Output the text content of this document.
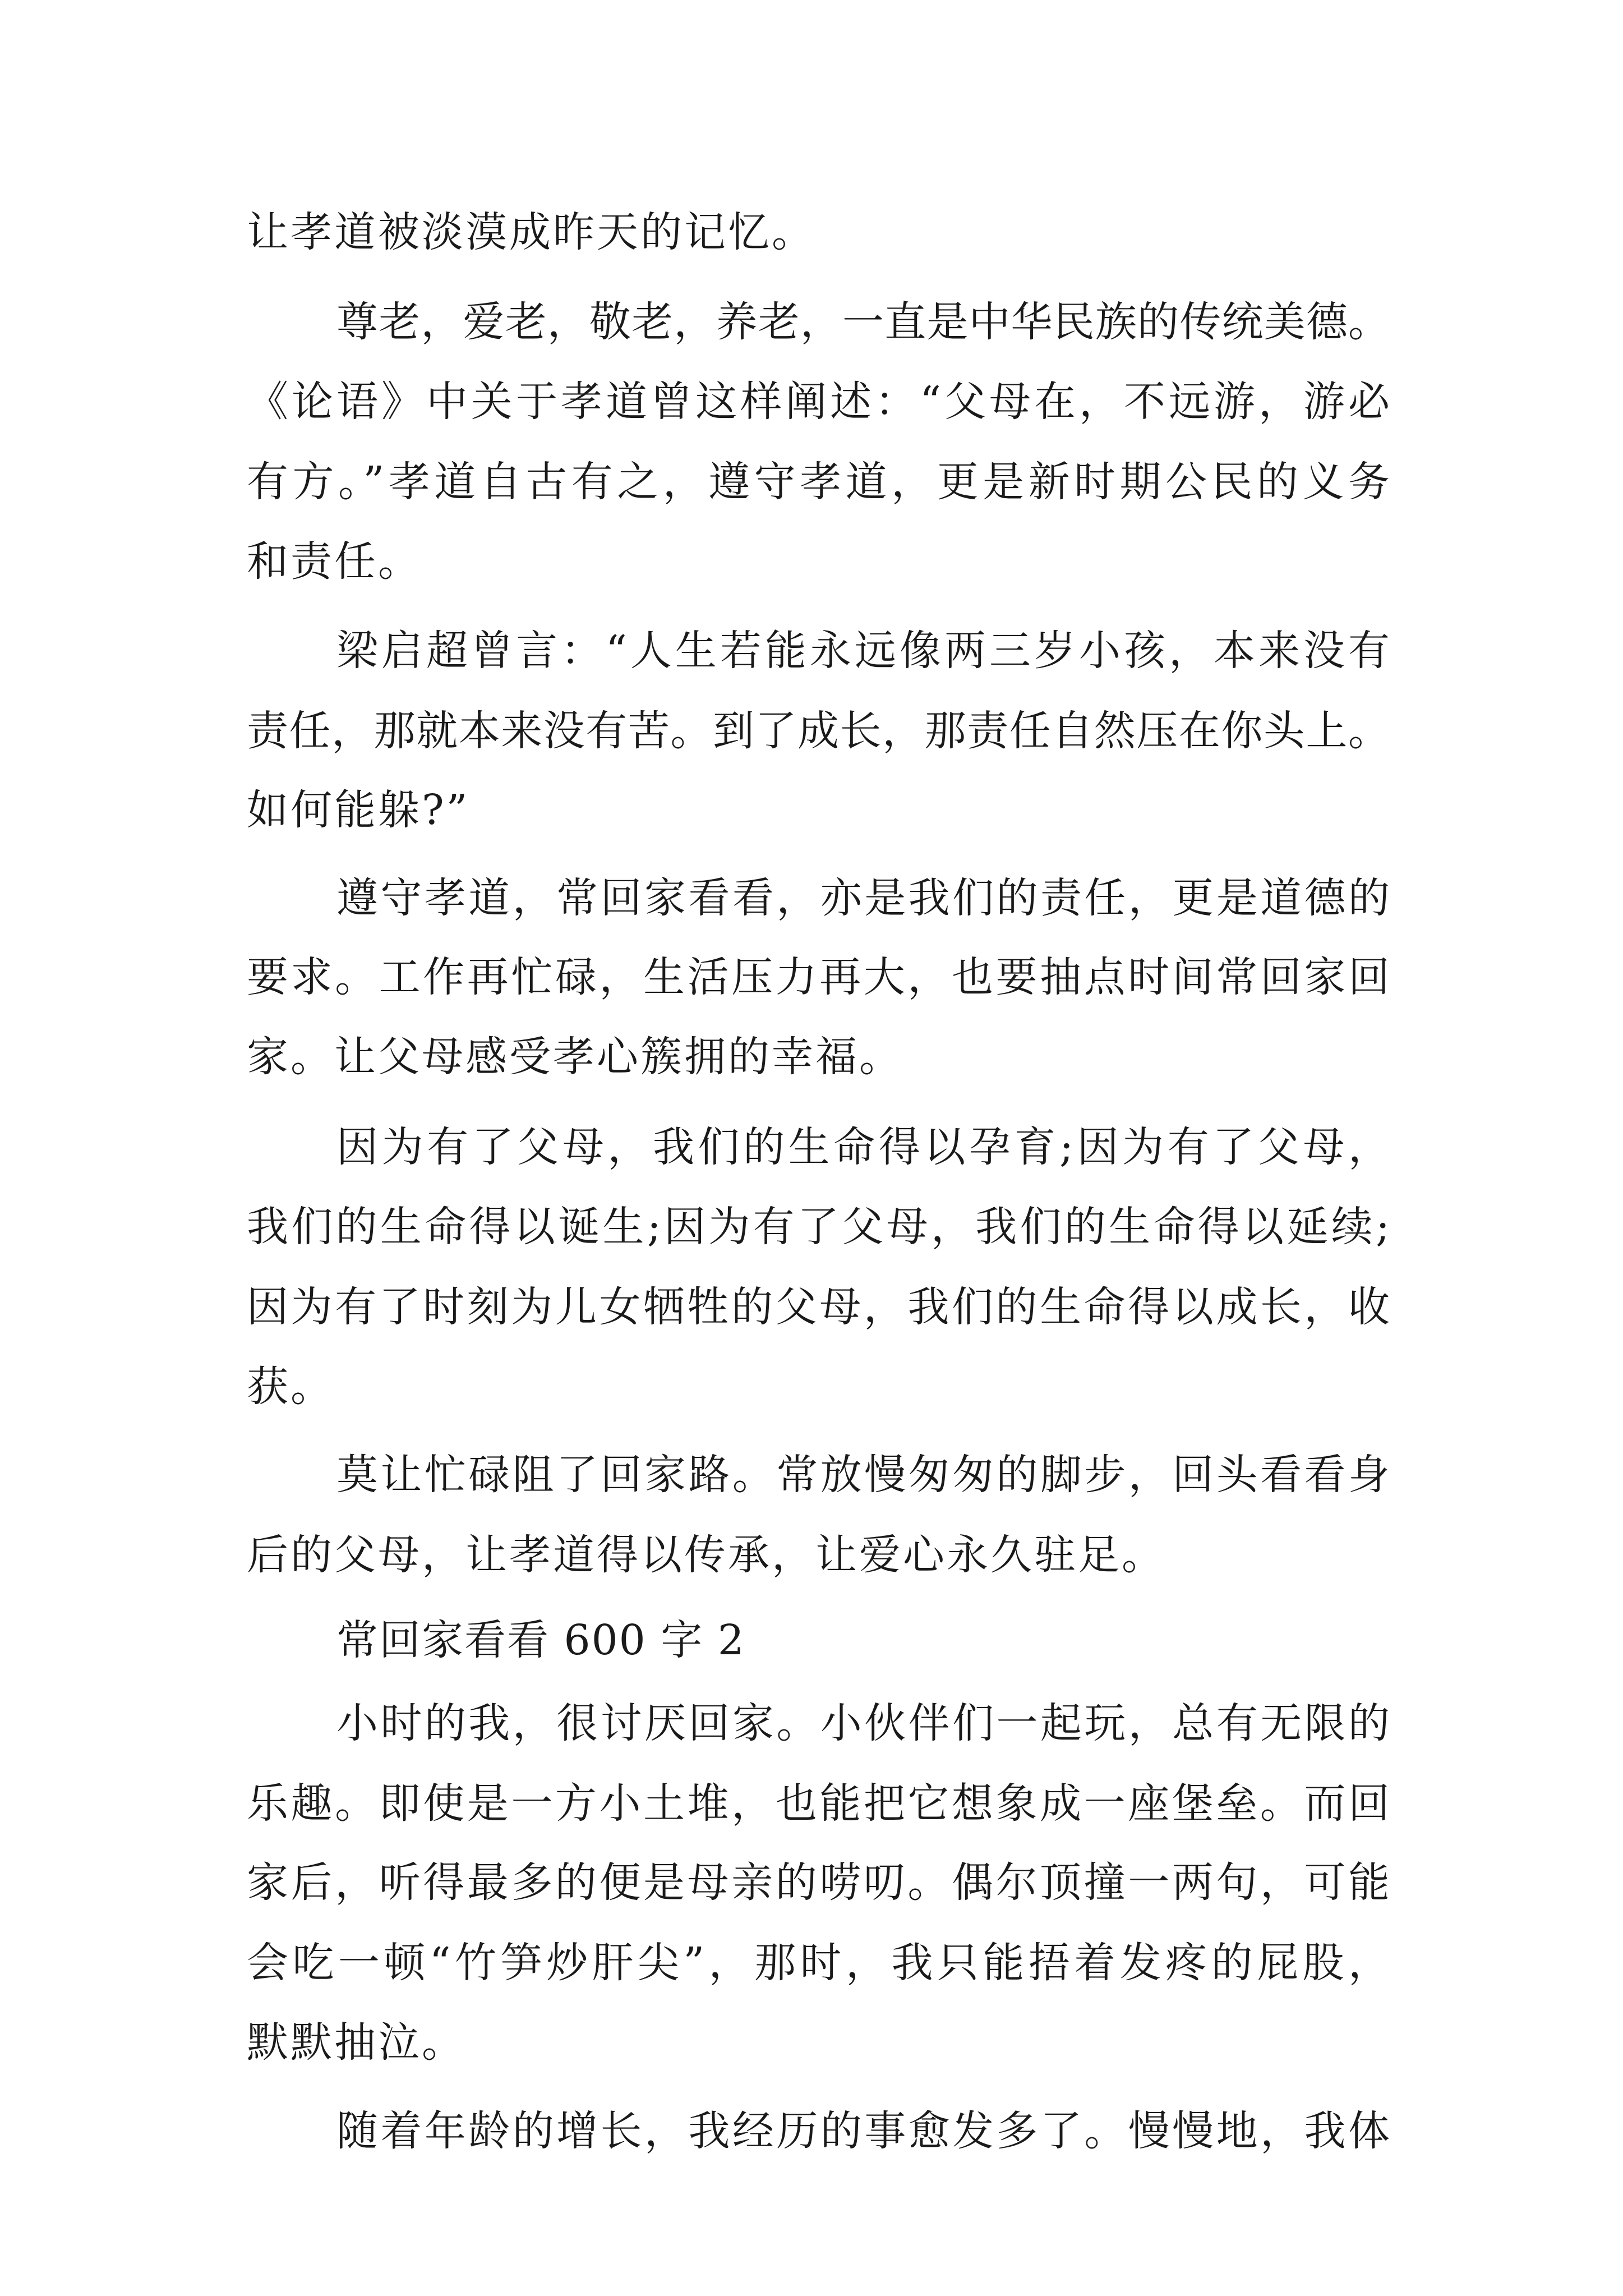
让孝道被淡漠成昨天的记忆。
尊老，爱老，敬老，养老，一直是中华民族的传统美德。
《论语》中关于孝道曾这样阐述：“父母在，不远游，游必
有方。”孝道自古有之，遵守孝道，更是新时期公民的义务
和责任。
梁启超曾言：“人生若能永远像两三岁小孩，本来没有
责任，那就本来没有苦。到了成长，那责任自然压在你头上。
如何能躲?”
遵守孝道，常回家看看，亦是我们的责任，更是道德的
要求。工作再忙碌，生活压力再大，也要抽点时间常回家回
家。让父母感受孝心簇拥的幸福。
因为有了父母，我们的生命得以孕育;因为有了父母，
我们的生命得以诞生;因为有了父母，我们的生命得以延续;
因为有了时刻为儿女牺牲的父母，我们的生命得以成长，收
获。
莫让忙碌阻了回家路。常放慢匆匆的脚步，回头看看身
后的父母，让孝道得以传承，让爱心永久驻足。
常回家看看 600 字 2
小时的我，很讨厌回家。小伙伴们一起玩，总有无限的
乐趣。即使是一方小土堆，也能把它想象成一座堡垒。而回
家后，听得最多的便是母亲的唠叨。偶尔顶撞一两句，可能
会吃一顿“竹笋炒肝尖”，那时，我只能捂着发疼的屁股，
默默抽泣。
随着年龄的增长，我经历的事愈发多了。慢慢地，我体
